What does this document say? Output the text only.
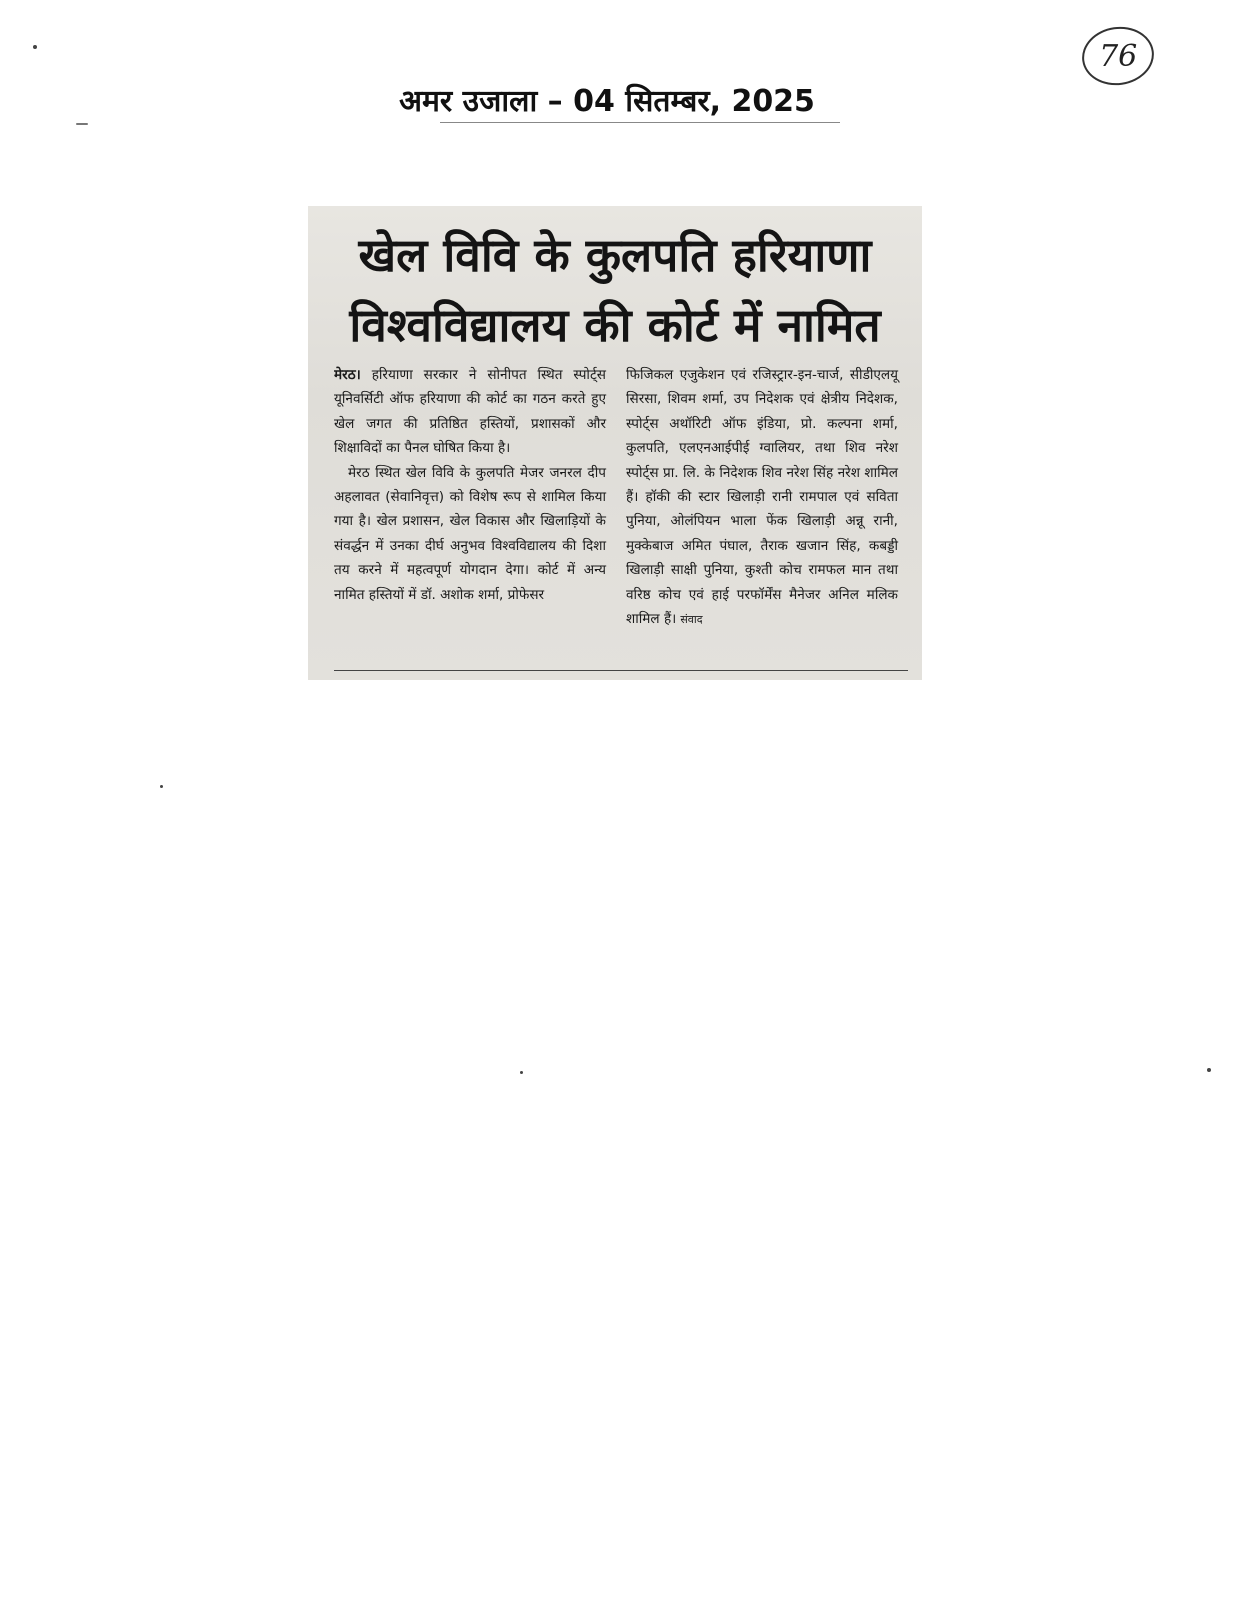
76
अमर उजाला – 04 सितम्बर, 2025
खेल विवि के कुलपति हरियाणा
विश्वविद्यालय की कोर्ट में नामित

मेरठ। हरियाणा सरकार ने सोनीपत स्थित स्पोर्ट्स यूनिवर्सिटी ऑफ हरियाणा की कोर्ट का गठन करते हुए खेल जगत की प्रतिष्ठित हस्तियों, प्रशासकों और शिक्षाविदों का पैनल घोषित किया है।

मेरठ स्थित खेल विवि के कुलपति मेजर जनरल दीप अहलावत (सेवानिवृत्त) को विशेष रूप से शामिल किया गया है। खेल प्रशासन, खेल विकास और खिलाड़ियों के संवर्द्धन में उनका दीर्घ अनुभव विश्वविद्यालय की दिशा तय करने में महत्वपूर्ण योगदान देगा। कोर्ट में अन्य नामित हस्तियों में डॉ. अशोक शर्मा, प्रोफेसर

फिजिकल एजुकेशन एवं रजिस्ट्रार-इन-चार्ज, सीडीएलयू सिरसा, शिवम शर्मा, उप निदेशक एवं क्षेत्रीय निदेशक, स्पोर्ट्स अथॉरिटी ऑफ इंडिया, प्रो. कल्पना शर्मा, कुलपति, एलएनआईपीई ग्वालियर, तथा शिव नरेश स्पोर्ट्स प्रा. लि. के निदेशक शिव नरेश सिंह नरेश शामिल हैं। हॉकी की स्टार खिलाड़ी रानी रामपाल एवं सविता पुनिया, ओलंपियन भाला फेंक खिलाड़ी अन्नू रानी, मुक्केबाज अमित पंघाल, तैराक खजान सिंह, कबड्डी खिलाड़ी साक्षी पुनिया, कुश्ती कोच रामफल मान तथा वरिष्ठ कोच एवं हाई परफॉर्मेंस मैनेजर अनिल मलिक शामिल हैं। संवाद
